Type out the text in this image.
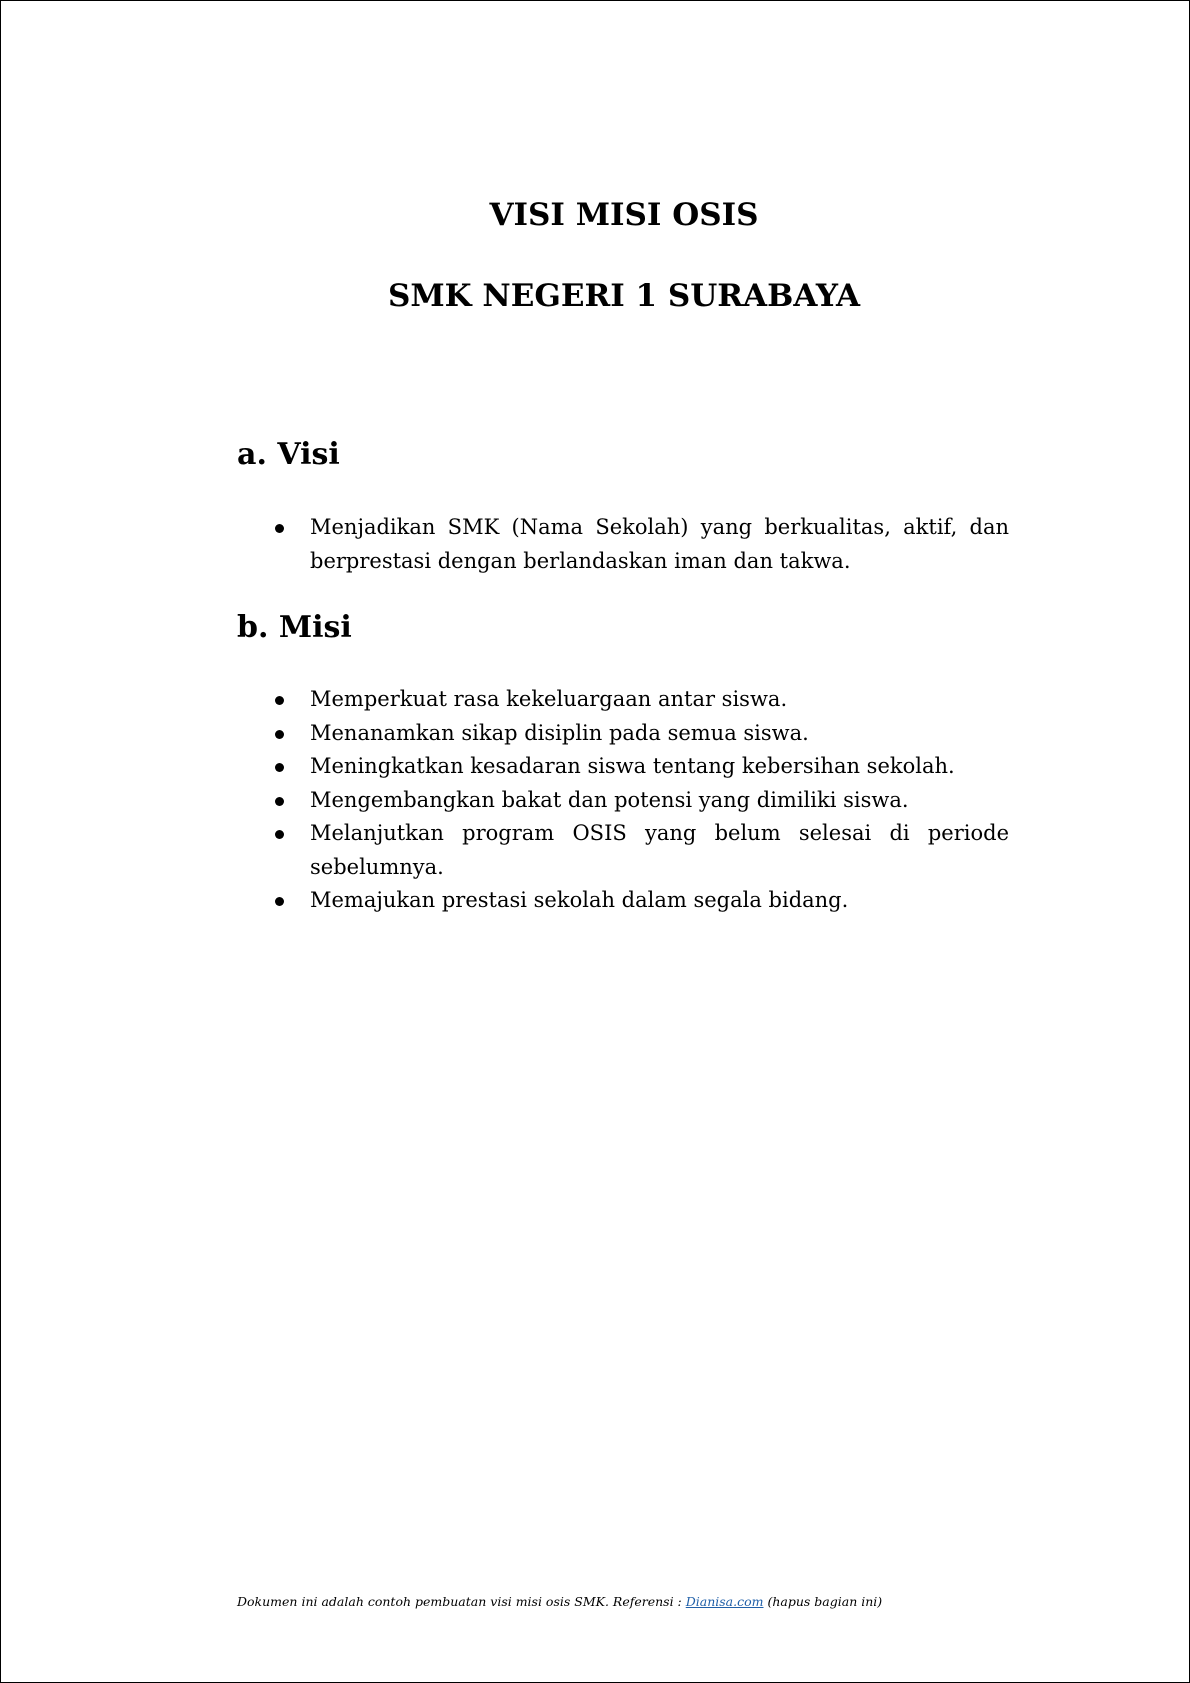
VISI MISI OSIS
SMK NEGERI 1 SURABAYA
a. Visi
Menjadikan SMK (Nama Sekolah) yang berkualitas, aktif, dan berprestasi dengan berlandaskan iman dan takwa.
b. Misi
Memperkuat rasa kekeluargaan antar siswa.
Menanamkan sikap disiplin pada semua siswa.
Meningkatkan kesadaran siswa tentang kebersihan sekolah.
Mengembangkan bakat dan potensi yang dimiliki siswa.
Melanjutkan program OSIS yang belum selesai di periode sebelumnya.
Memajukan prestasi sekolah dalam segala bidang.

Dokumen ini adalah contoh pembuatan visi misi osis SMK. Referensi : Dianisa.com (hapus bagian ini)
